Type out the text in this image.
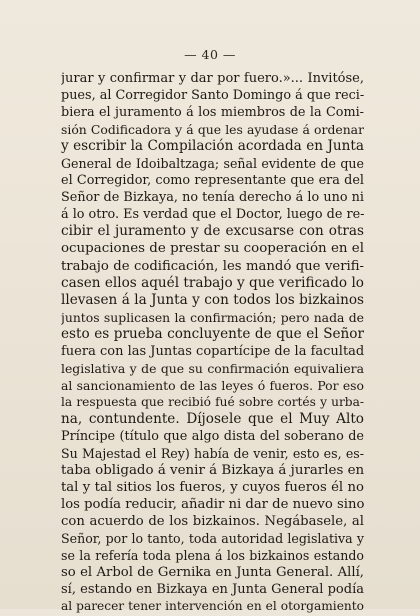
— 40 —
jurar y confirmar y dar por fuero.»... Invitóse,
pues, al Corregidor Santo Domingo á que reci-
biera el juramento á los miembros de la Comi-
sión Codificadora y á que les ayudase á ordenar
y escribir la Compilación acordada en Junta
General de Idoibaltzaga; señal evidente de que
el Corregidor, como representante que era del
Señor de Bizkaya, no tenía derecho á lo uno ni
á lo otro. Es verdad que el Doctor, luego de re-
cibir el juramento y de excusarse con otras
ocupaciones de prestar su cooperación en el
trabajo de codificación, les mandó que verifi-
casen ellos aquél trabajo y que verificado lo
llevasen á la Junta y con todos los bizkainos
juntos suplicasen la confirmación; pero nada de
esto es prueba concluyente de que el Señor
fuera con las Juntas copartícipe de la facultad
legislativa y de que su confirmación equivaliera
al sancionamiento de las leyes ó fueros. Por eso
la respuesta que recibió fué sobre cortés y urba-
na, contundente. Díjosele que el Muy Alto
Príncipe (título que algo dista del soberano de
Su Majestad el Rey) había de venir, esto es, es-
taba obligado á venir á Bizkaya á jurarles en
tal y tal sitios los fueros, y cuyos fueros él no
los podía reducir, añadir ni dar de nuevo sino
con acuerdo de los bizkainos. Negábasele, al
Señor, por lo tanto, toda autoridad legislativa y
se la refería toda plena á los bizkainos estando
so el Arbol de Gernika en Junta General. Allí,
sí, estando en Bizkaya en Junta General podía
al parecer tener intervención en el otorgamiento
